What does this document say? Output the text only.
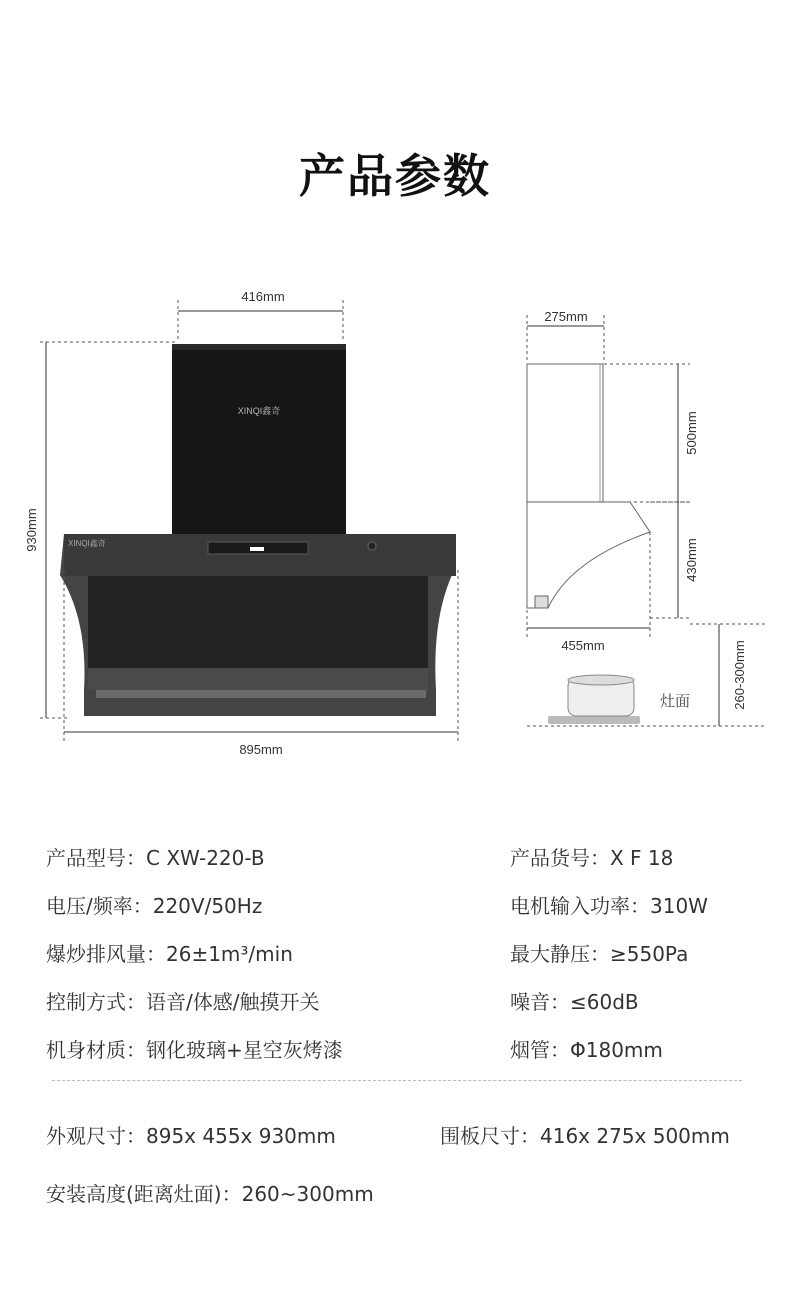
产品参数
416mm
930mm
XINQI鑫奇
XINQI鑫奇
895mm
275mm
500mm
430mm
455mm	260-300mm
灶面
产品型号：C XW-220-B
电压/频率：220V/50Hz
爆炒排风量：26±1m³/min
控制方式：语音/体感/触摸开关
机身材质：钢化玻璃+星空灰烤漆
产品货号：X F 18
电机输入功率：310W
最大静压：≥550Pa
噪音：≤60dB
烟管：Φ180mm
外观尺寸：895x 455x 930mm	围板尺寸：416x 275x 500mm
安装高度(距离灶面)：260~300mm
